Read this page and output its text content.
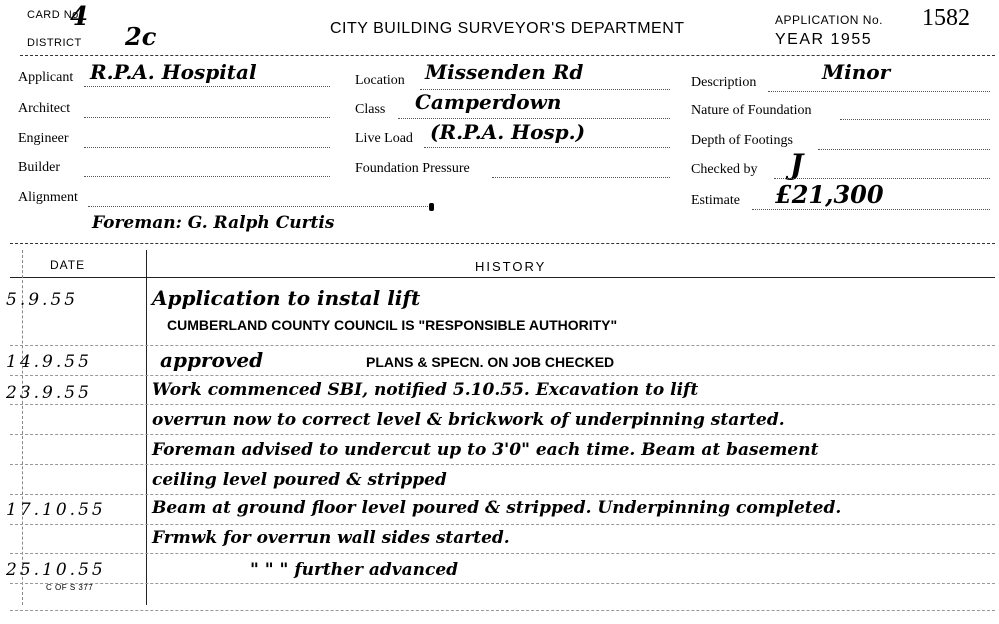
CARD No.
4
DISTRICT 2c	CITY BUILDING SURVEYOR'S DEPARTMENT	APPLICATION No. 1582
YEAR 1955
Applicant R.P.A. Hospital
Architect
Engineer
Builder
Alignment
Location Missenden Rd
Class Camperdown
Live Load (R.P.A. Hosp.)
Foundation Pressure
Description	Minor
Nature of Foundation
Depth of Footings
Checked by J
Estimate £21,300
Foreman: G. Ralph Curtis
DATE	HISTORY
5.9.55	Application to instal lift
CUMBERLAND COUNTY COUNCIL IS "RESPONSIBLE AUTHORITY"
14.9.55	approved	PLANS & SPECN. ON JOB CHECKED
23.9.55	Work commenced SBI, notified 5.10.55. Excavation to lift
overrun now to correct level & brickwork of underpinning started.
Foreman advised to undercut up to 3'0" each time. Beam at basement
ceiling level poured & stripped
17.10.55	Beam at ground floor level poured & stripped. Underpinning completed.
Frmwk for overrun wall sides started.
25.10.55	" " " further advanced
C OF S 377
